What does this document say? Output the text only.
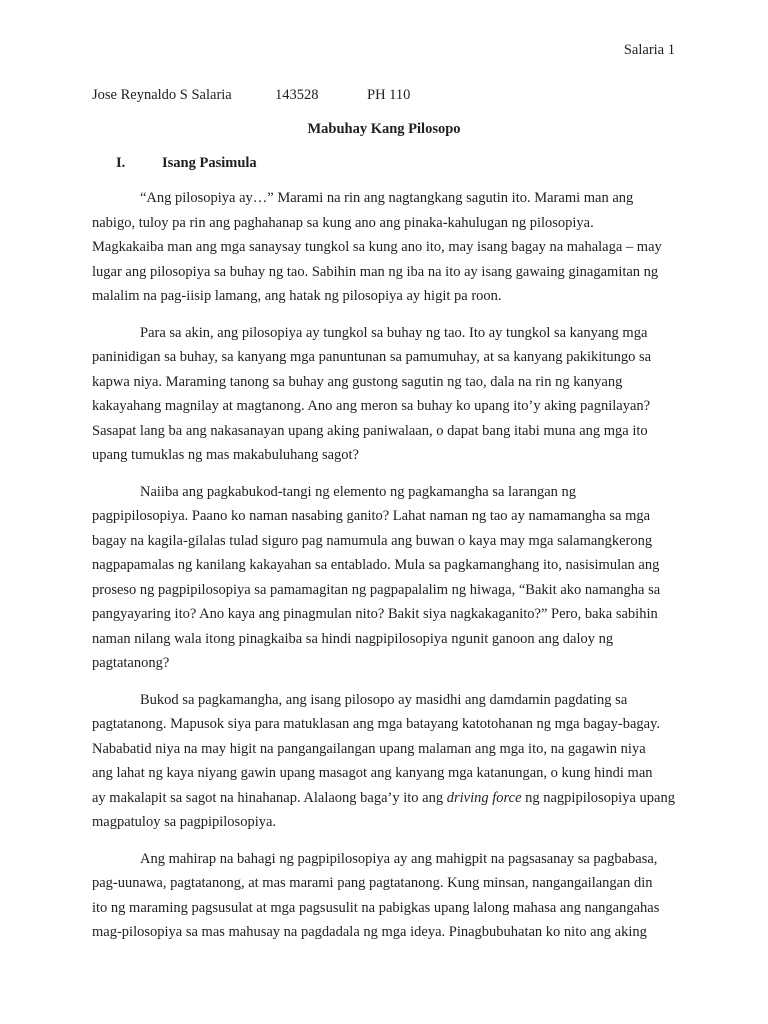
Salaria 1
Jose Reynaldo S Salaria	143528	PH 110
Mabuhay Kang Pilosopo
I.	Isang Pasimula

“Ang pilosopiya ay…” Marami na rin ang nagtangkang sagutin ito. Marami man ang
nabigo, tuloy pa rin ang paghahanap sa kung ano ang pinaka-kahulugan ng pilosopiya.
Magkakaiba man ang mga sanaysay tungkol sa kung ano ito, may isang bagay na mahalaga – may
lugar ang pilosopiya sa buhay ng tao. Sabihin man ng iba na ito ay isang gawaing ginagamitan ng
malalim na pag-iisip lamang, ang hatak ng pilosopiya ay higit pa roon.

Para sa akin, ang pilosopiya ay tungkol sa buhay ng tao. Ito ay tungkol sa kanyang mga
paninidigan sa buhay, sa kanyang mga panuntunan sa pamumuhay, at sa kanyang pakikitungo sa
kapwa niya. Maraming tanong sa buhay ang gustong sagutin ng tao, dala na rin ng kanyang
kakayahang magnilay at magtanong. Ano ang meron sa buhay ko upang ito’y aking pagnilayan?
Sasapat lang ba ang nakasanayan upang aking paniwalaan, o dapat bang itabi muna ang mga ito
upang tumuklas ng mas makabuluhang sagot?

Naiiba ang pagkabukod-tangi ng elemento ng pagkamangha sa larangan ng
pagpipilosopiya. Paano ko naman nasabing ganito? Lahat naman ng tao ay namamangha sa mga
bagay na kagila-gilalas tulad siguro pag namumula ang buwan o kaya may mga salamangkerong
nagpapamalas ng kanilang kakayahan sa entablado. Mula sa pagkamanghang ito, nasisimulan ang
proseso ng pagpipilosopiya sa pamamagitan ng pagpapalalim ng hiwaga, “Bakit ako namangha sa
pangyayaring ito? Ano kaya ang pinagmulan nito? Bakit siya nagkakaganito?” Pero, baka sabihin
naman nilang wala itong pinagkaiba sa hindi nagpipilosopiya ngunit ganoon ang daloy ng
pagtatanong?

Bukod sa pagkamangha, ang isang pilosopo ay masidhi ang damdamin pagdating sa
pagtatanong. Mapusok siya para matuklasan ang mga batayang katotohanan ng mga bagay-bagay.
Nababatid niya na may higit na pangangailangan upang malaman ang mga ito, na gagawin niya
ang lahat ng kaya niyang gawin upang masagot ang kanyang mga katanungan, o kung hindi man
ay makalapit sa sagot na hinahanap. Alalaong baga’y ito ang driving force ng nagpipilosopiya upang
magpatuloy sa pagpipilosopiya.

Ang mahirap na bahagi ng pagpipilosopiya ay ang mahigpit na pagsasanay sa pagbabasa,
pag-uunawa, pagtatanong, at mas marami pang pagtatanong. Kung minsan, nangangailangan din
ito ng maraming pagsusulat at mga pagsusulit na pabigkas upang lalong mahasa ang nangangahas
mag-pilosopiya sa mas mahusay na pagdadala ng mga ideya. Pinagbubuhatan ko nito ang aking
